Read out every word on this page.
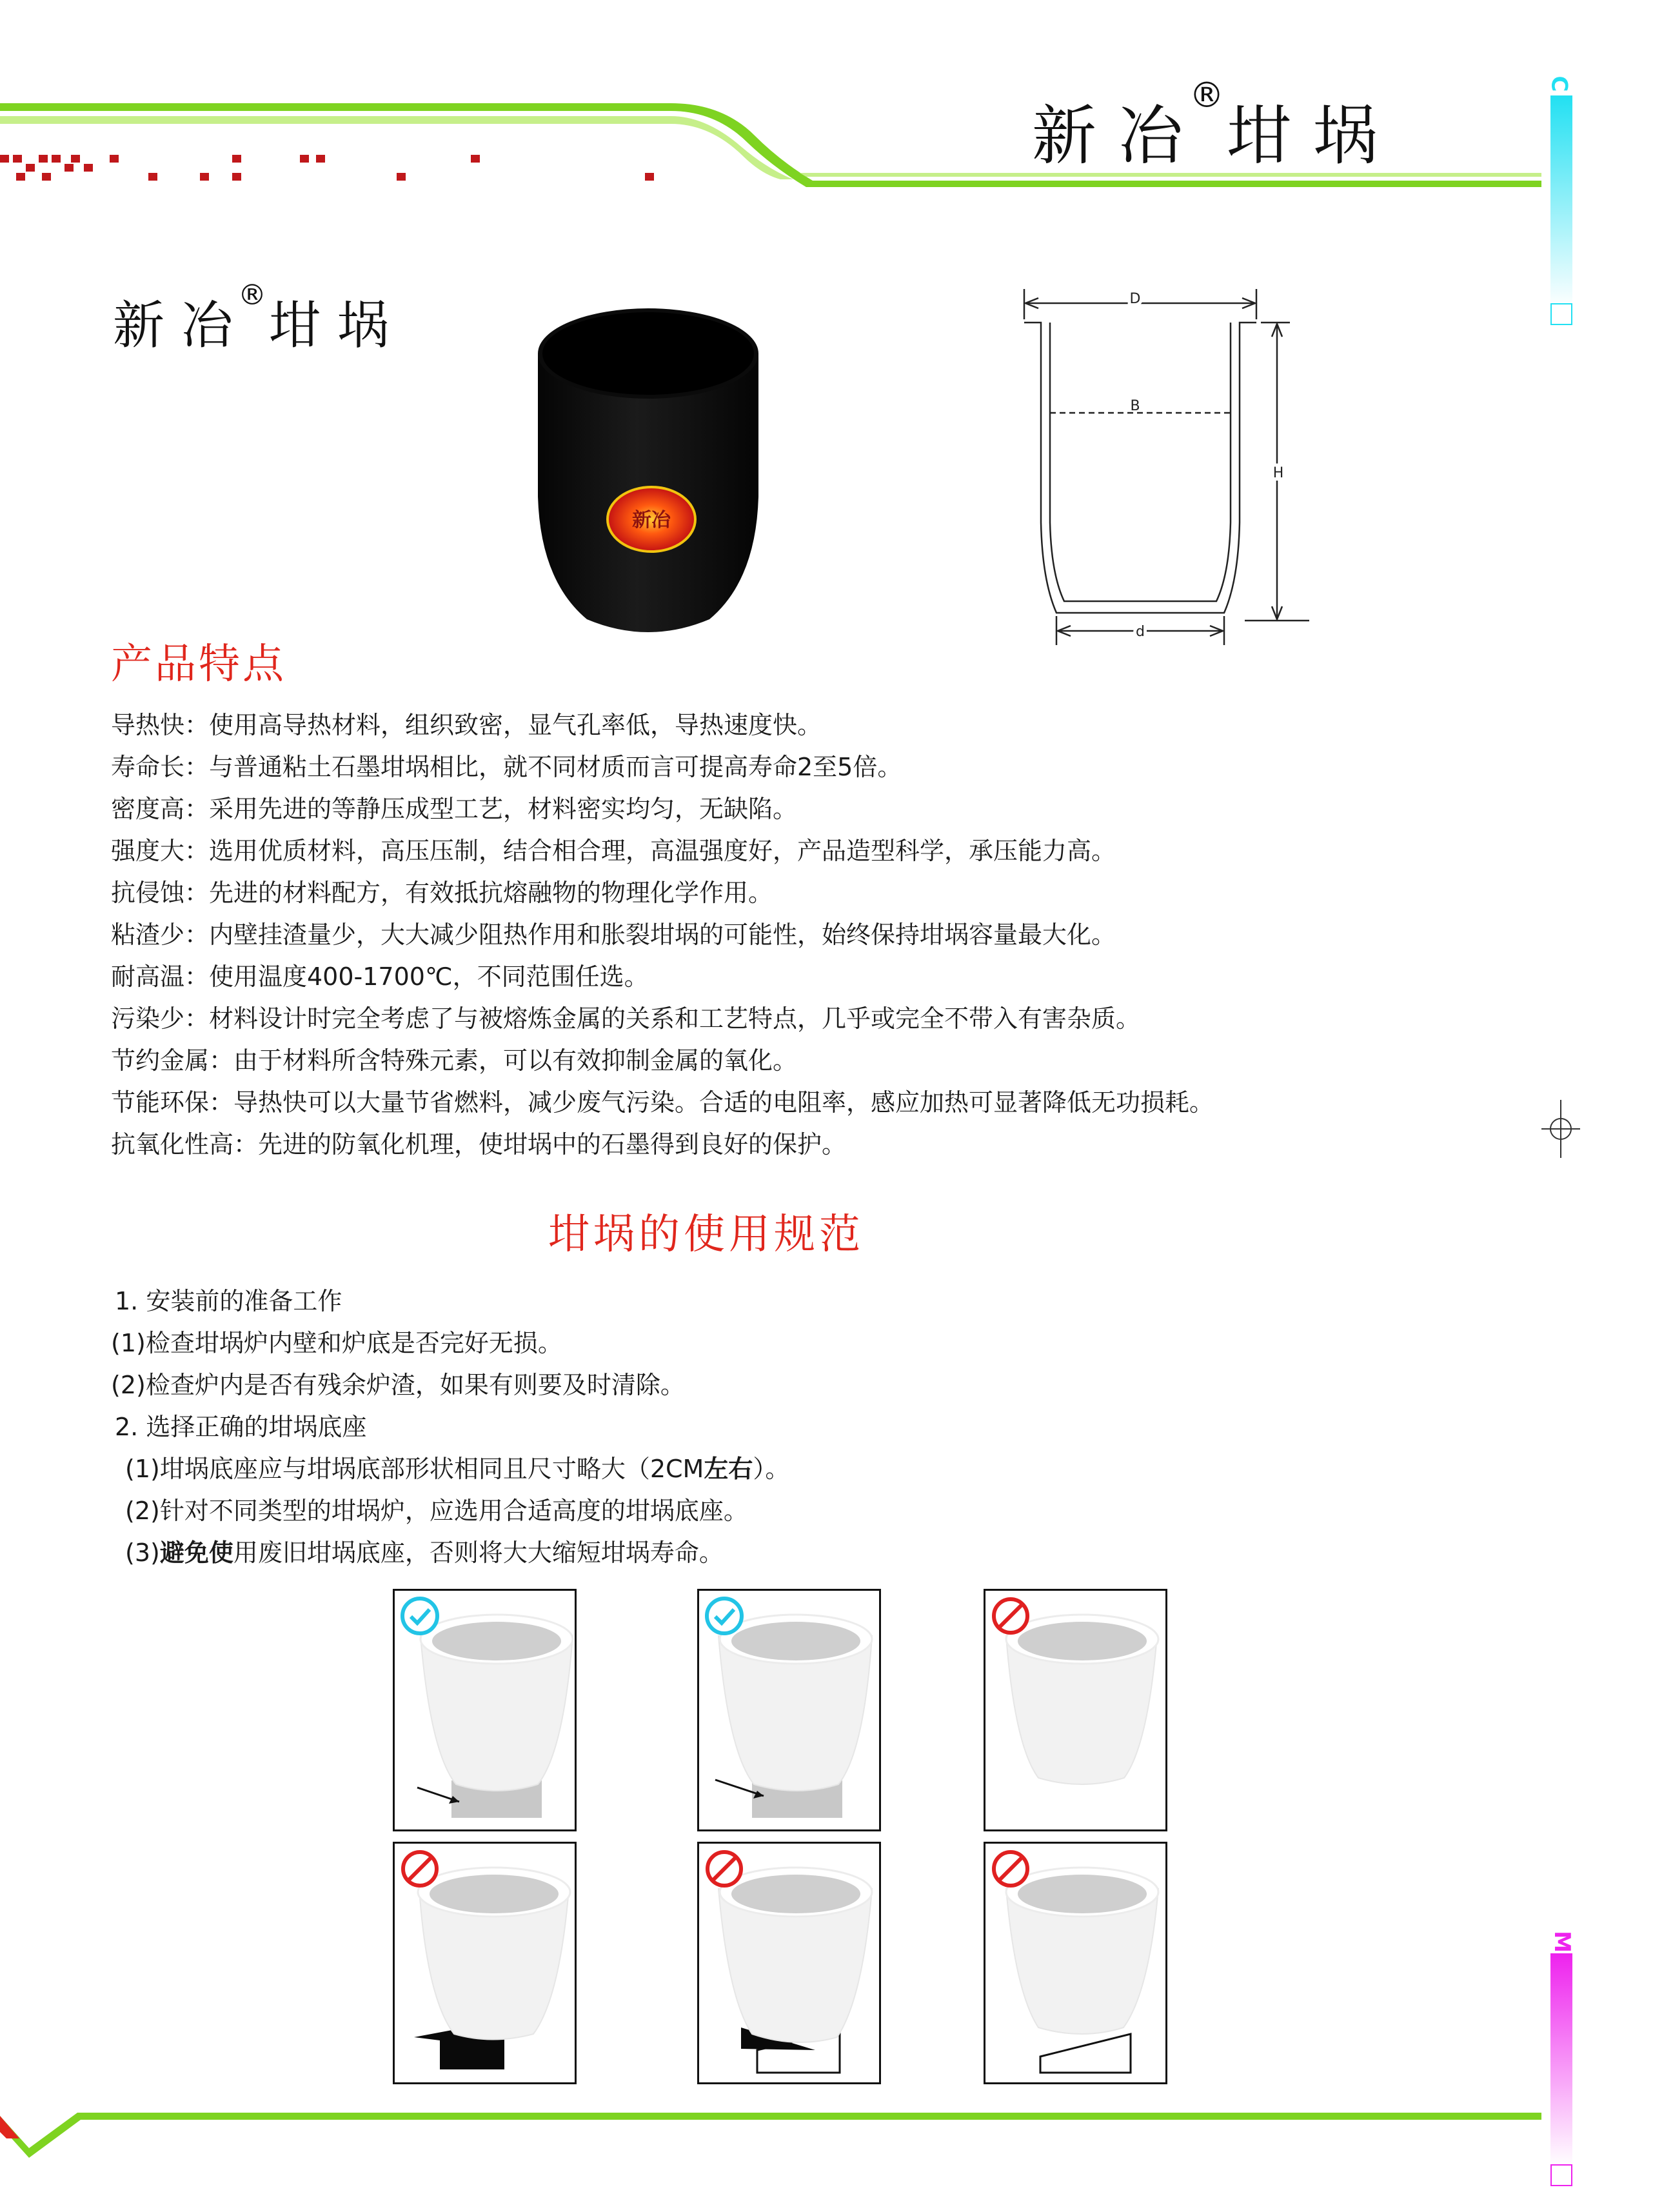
新冶®坩埚
C
M
新冶®坩埚
新冶
D
B
H
d
产品特点
导热快：使用高导热材料，组织致密，显气孔率低，导热速度快。
寿命长：与普通粘土石墨坩埚相比，就不同材质而言可提高寿命2至5倍。
密度高：采用先进的等静压成型工艺，材料密实均匀，无缺陷。
强度大：选用优质材料，高压压制，结合相合理，高温强度好，产品造型科学，承压能力高。
抗侵蚀：先进的材料配方，有效抵抗熔融物的物理化学作用。
粘渣少：内壁挂渣量少，大大减少阻热作用和胀裂坩埚的可能性，始终保持坩埚容量最大化。
耐高温：使用温度400-1700℃，不同范围任选。
污染少：材料设计时完全考虑了与被熔炼金属的关系和工艺特点，几乎或完全不带入有害杂质。
节约金属：由于材料所含特殊元素，可以有效抑制金属的氧化。
节能环保：导热快可以大量节省燃料，减少废气污染。合适的电阻率，感应加热可显著降低无功损耗。
抗氧化性高：先进的防氧化机理，使坩埚中的石墨得到良好的保护。
坩埚的使用规范
1. 安装前的准备工作
(1)检查坩埚炉内壁和炉底是否完好无损。
(2)检查炉内是否有残余炉渣，如果有则要及时清除。
2. 选择正确的坩埚底座
(1)坩埚底座应与坩埚底部形状相同且尺寸略大（2CM左右）。
(2)针对不同类型的坩埚炉，应选用合适高度的坩埚底座。
(3)避免使用废旧坩埚底座，否则将大大缩短坩埚寿命。
